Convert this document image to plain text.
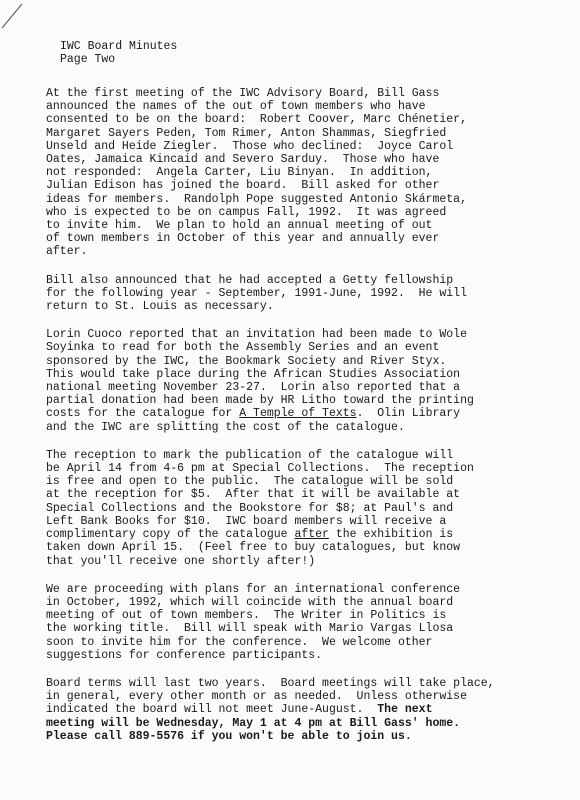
IWC Board Minutes
Page Two
At the first meeting of the IWC Advisory Board, Bill Gass
announced the names of the out of town members who have
consented to be on the board:  Robert Coover, Marc Chénetier,
Margaret Sayers Peden, Tom Rimer, Anton Shammas, Siegfried
Unseld and Heide Ziegler.  Those who declined:  Joyce Carol
Oates, Jamaica Kincaid and Severo Sarduy.  Those who have
not responded:  Angela Carter, Liu Binyan.  In addition,
Julian Edison has joined the board.  Bill asked for other
ideas for members.  Randolph Pope suggested Antonio Skármeta,
who is expected to be on campus Fall, 1992.  It was agreed
to invite him.  We plan to hold an annual meeting of out
of town members in October of this year and annually ever
after.
Bill also announced that he had accepted a Getty fellowship
for the following year - September, 1991-June, 1992.  He will
return to St. Louis as necessary.
Lorin Cuoco reported that an invitation had been made to Wole
Soyinka to read for both the Assembly Series and an event
sponsored by the IWC, the Bookmark Society and River Styx.
This would take place during the African Studies Association
national meeting November 23-27.  Lorin also reported that a
partial donation had been made by HR Litho toward the printing
costs for the catalogue for A Temple of Texts.  Olin Library
and the IWC are splitting the cost of the catalogue.
The reception to mark the publication of the catalogue will
be April 14 from 4-6 pm at Special Collections.  The reception
is free and open to the public.  The catalogue will be sold
at the reception for $5.  After that it will be available at
Special Collections and the Bookstore for $8; at Paul's and
Left Bank Books for $10.  IWC board members will receive a
complimentary copy of the catalogue after the exhibition is
taken down April 15.  (Feel free to buy catalogues, but know
that you'll receive one shortly after!)
We are proceeding with plans for an international conference
in October, 1992, which will coincide with the annual board
meeting of out of town members.  The Writer in Politics is
the working title.  Bill will speak with Mario Vargas Llosa
soon to invite him for the conference.  We welcome other
suggestions for conference participants.
Board terms will last two years.  Board meetings will take place,
in general, every other month or as needed.  Unless otherwise
indicated the board will not meet June-August.  The next
meeting will be Wednesday, May 1 at 4 pm at Bill Gass' home.
Please call 889-5576 if you won't be able to join us.
